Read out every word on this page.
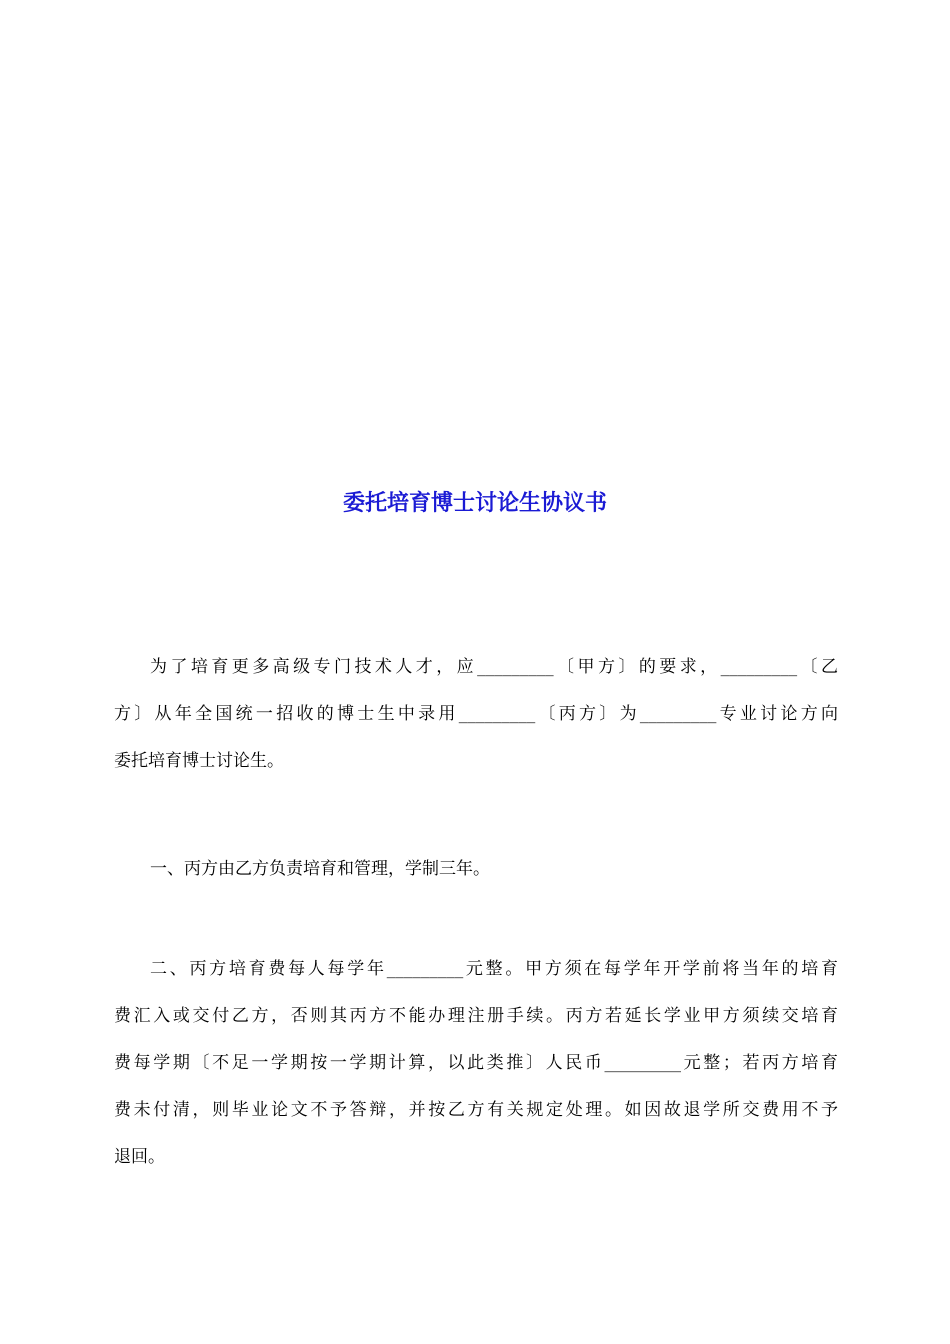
委托培育博士讨论生协议书
为了培育更多高级专门技术人才，应_________〔甲方〕的要求，_________〔乙
方〕从年全国统一招收的博士生中录用_________〔丙方〕为_________专业讨论方向
委托培育博士讨论生。
一、丙方由乙方负责培育和管理，学制三年。
二、丙方培育费每人每学年_________元整。甲方须在每学年开学前将当年的培育
费汇入或交付乙方，否则其丙方不能办理注册手续。丙方若延长学业甲方须续交培育
费每学期〔不足一学期按一学期计算，以此类推〕人民币_________元整；若丙方培育
费未付清，则毕业论文不予答辩，并按乙方有关规定处理。如因故退学所交费用不予
退回。
